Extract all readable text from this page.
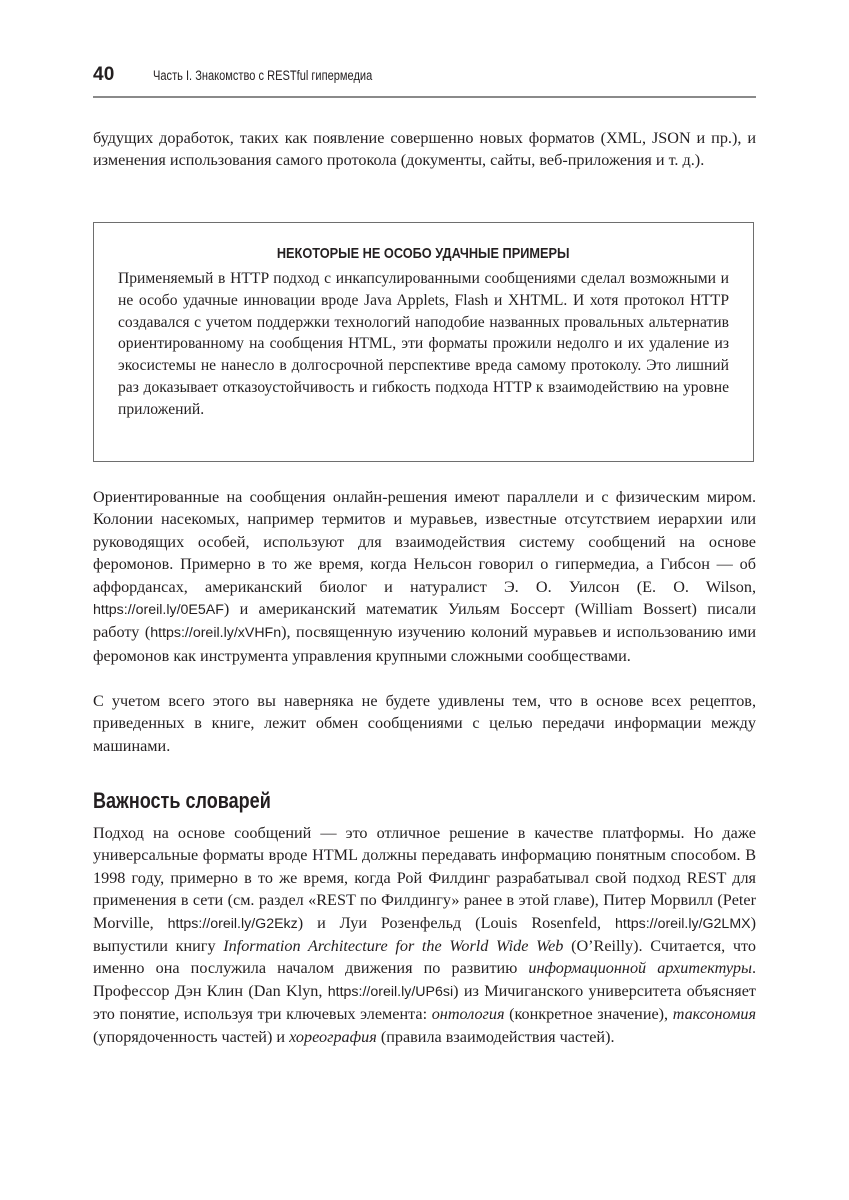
40	Часть I. Знакомство с RESTful гипермедиа

будущих доработок, таких как появление совершенно новых форматов (XML, JSON и пр.), и изменения использования самого протокола (документы, сайты, веб-приложения и т. д.).

НЕКОТОРЫЕ НЕ ОСОБО УДАЧНЫЕ ПРИМЕРЫ

Применяемый в HTTP подход с инкапсулированными сообщениями сделал возможными и не особо удачные инновации вроде Java Applets, Flash и XHTML. И хотя протокол HTTP создавался с учетом поддержки технологий наподобие названных провальных альтернатив ориентированному на сообщения HTML, эти форматы прожили недолго и их удаление из экосистемы не нанесло в долгосрочной перспективе вреда самому протоколу. Это лишний раз доказывает отказоустойчивость и гибкость подхода HTTP к взаимодействию на уровне приложений.

Ориентированные на сообщения онлайн-решения имеют параллели и с физическим миром. Колонии насекомых, например термитов и муравьев, известные отсутствием иерархии или руководящих особей, используют для взаимодействия систему сообщений на основе феромонов. Примерно в то же время, когда Нельсон говорил о гипермедиа, а Гибсон — об аффордансах, американский биолог и натуралист Э. О. Уилсон (E. O. Wilson, https://oreil.ly/0E5AF) и американский математик Уильям Боссерт (William Bossert) писали работу (https://oreil.ly/xVHFn), посвященную изучению колоний муравьев и использованию ими феромонов как инструмента управления крупными сложными сообществами.

С учетом всего этого вы наверняка не будете удивлены тем, что в основе всех рецептов, приведенных в книге, лежит обмен сообщениями с целью передачи информации между машинами.

Важность словарей

Подход на основе сообщений — это отличное решение в качестве платформы. Но даже универсальные форматы вроде HTML должны передавать информацию понятным способом. В 1998 году, примерно в то же время, когда Рой Филдинг разрабатывал свой подход REST для применения в сети (см. раздел «REST по Филдингу» ранее в этой главе), Питер Морвилл (Peter Morville, https://oreil.ly/G2Ekz) и Луи Розенфельд (Louis Rosenfeld, https://oreil.ly/G2LMX) выпустили книгу Information Architecture for the World Wide Web (O’Reilly). Считается, что именно она послужила началом движения по развитию информационной архитектуры. Профессор Дэн Клин (Dan Klyn, https://oreil.ly/UP6si) из Мичиганского университета объясняет это понятие, используя три ключевых элемента: онтология (конкретное значение), таксономия (упорядоченность частей) и хореография (правила взаимодействия частей).
